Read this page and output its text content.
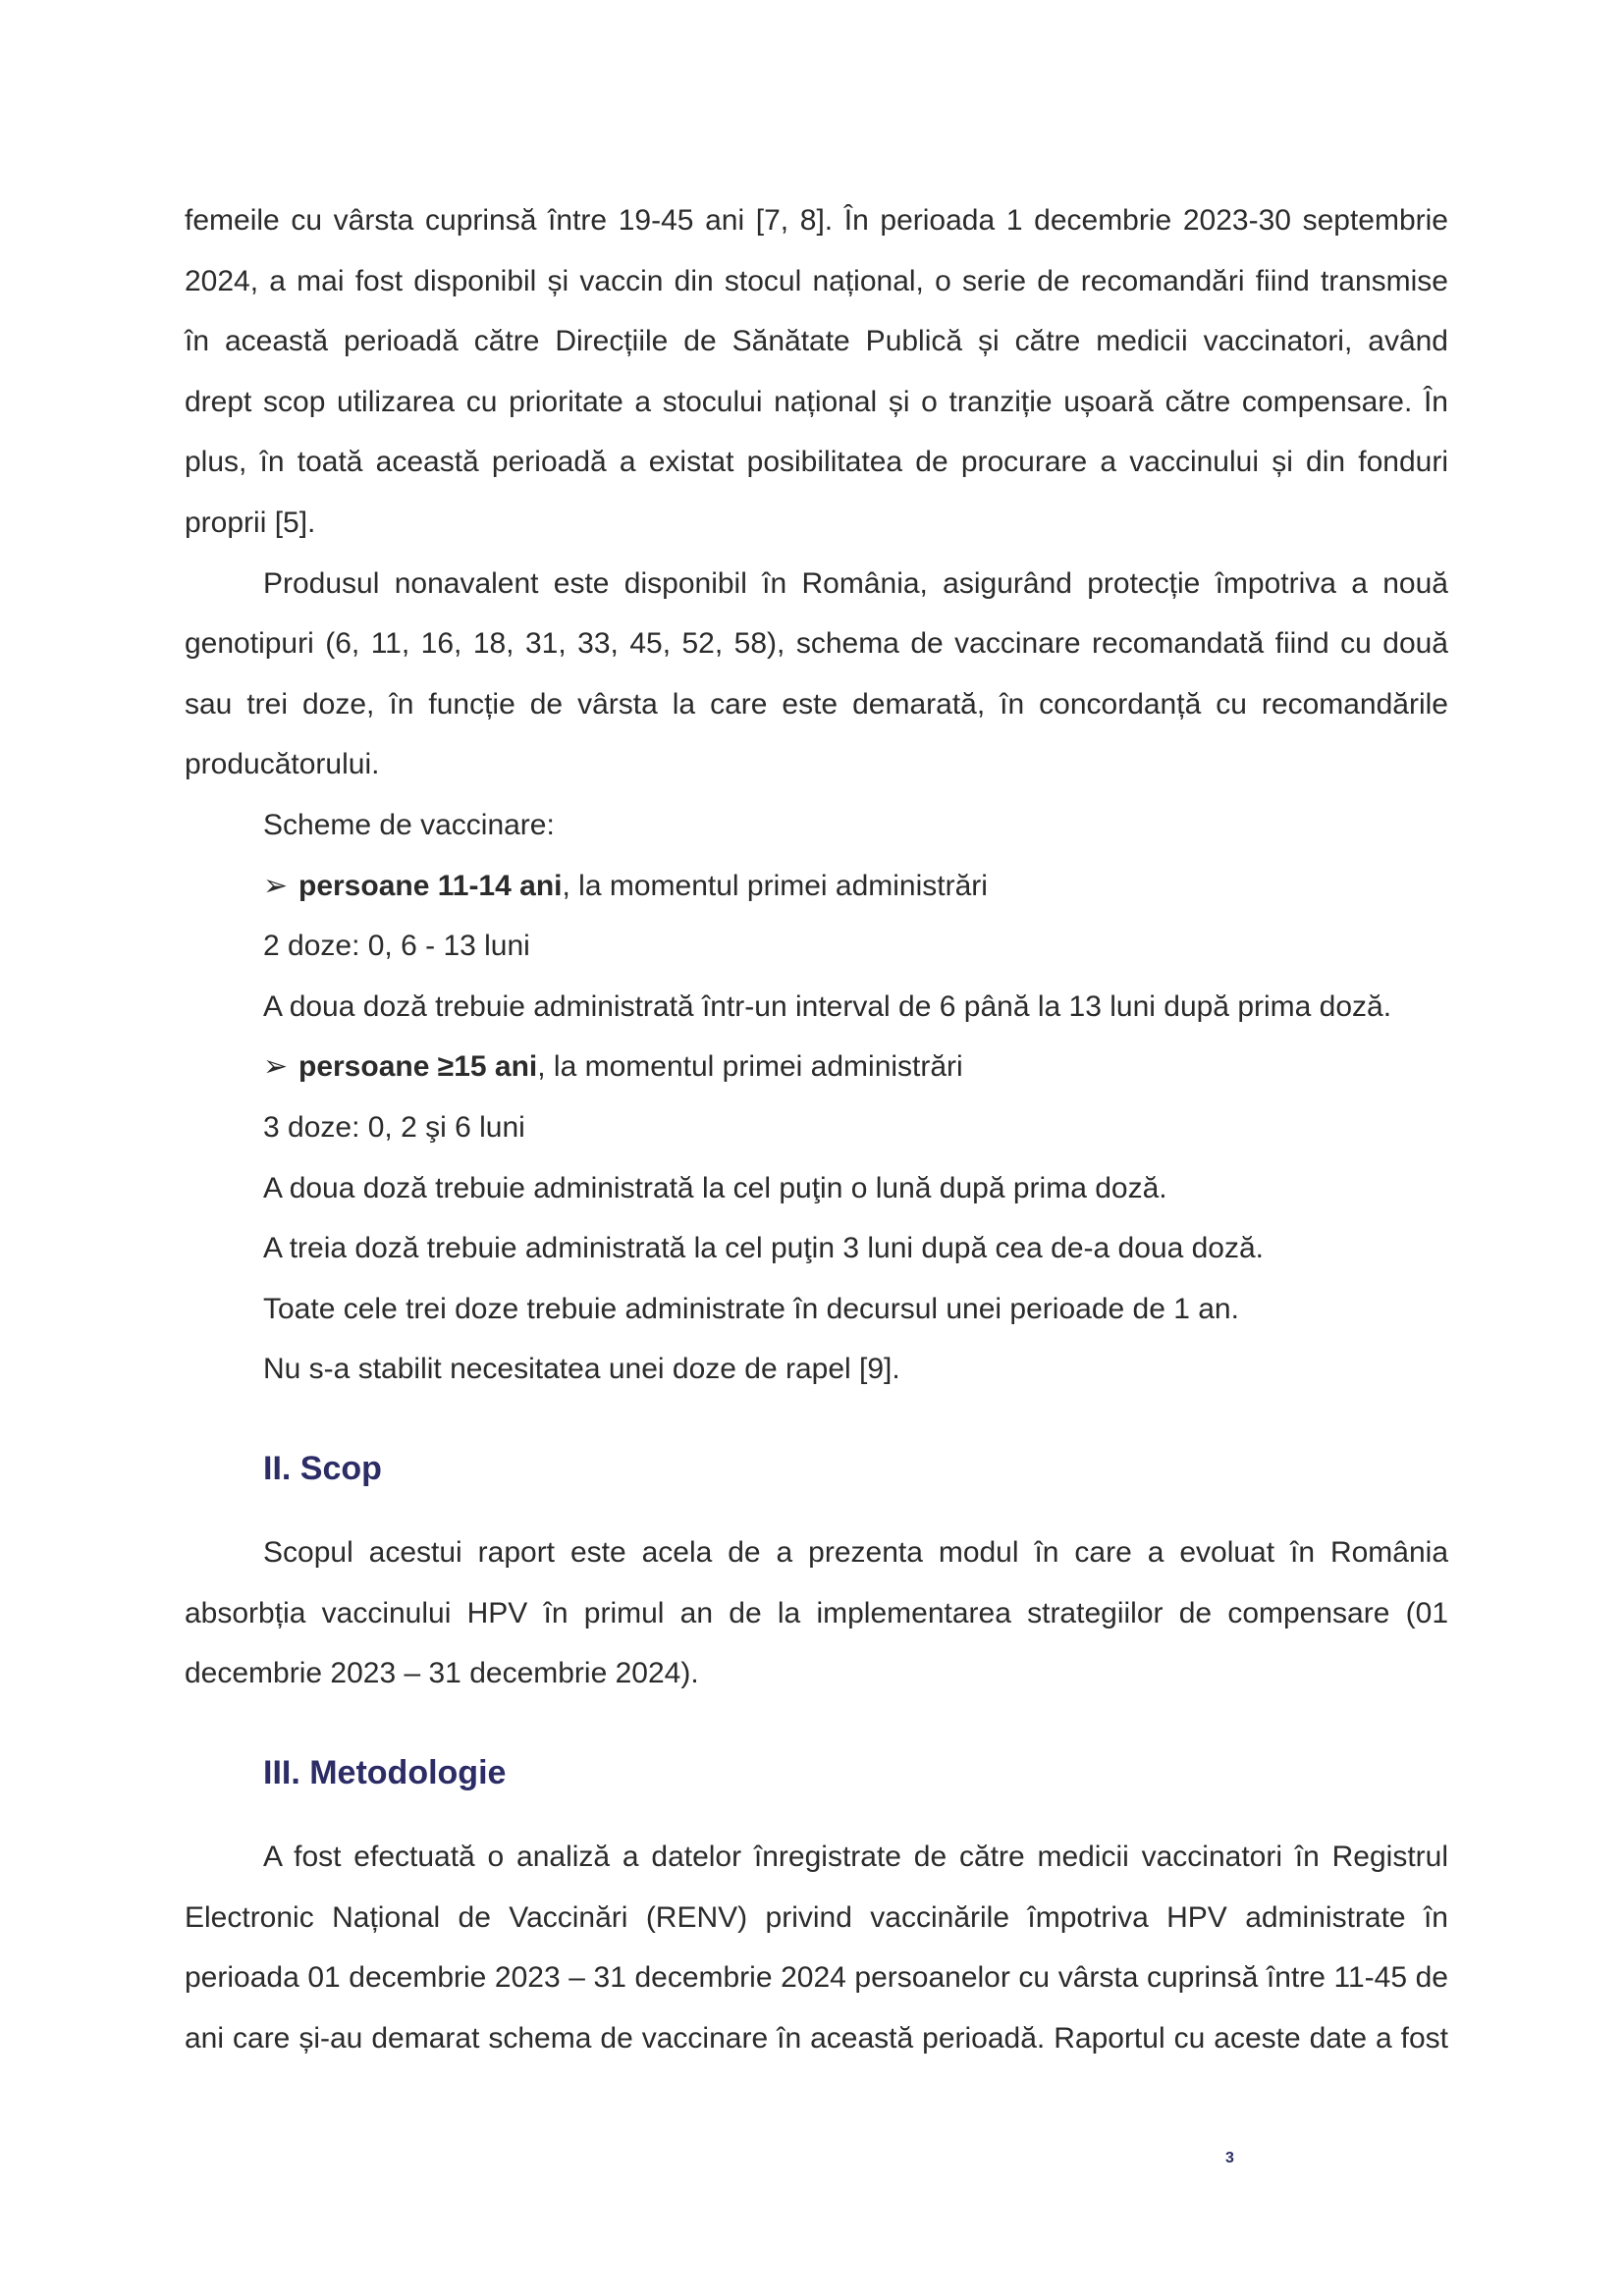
femeile cu vârsta cuprinsă între 19-45 ani [7, 8]. În perioada 1 decembrie 2023-30 septembrie

2024, a mai fost disponibil și vaccin din stocul național, o serie de recomandări fiind transmise

în această perioadă către Direcțiile de Sănătate Publică și către medicii vaccinatori, având

drept scop utilizarea cu prioritate a stocului național și o tranziție ușoară către compensare. În

plus, în toată această perioadă a existat posibilitatea de procurare a vaccinului și din fonduri

proprii [5].

Produsul nonavalent este disponibil în România, asigurând protecție împotriva a nouă

genotipuri (6, 11, 16, 18, 31, 33, 45, 52, 58), schema de vaccinare recomandată fiind cu două

sau trei doze, în funcție de vârsta la care este demarată, în concordanță cu recomandările

producătorului.

Scheme de vaccinare:

➢ persoane 11-14 ani, la momentul primei administrări

2 doze: 0, 6 - 13 luni

A doua doză trebuie administrată într-un interval de 6 până la 13 luni după prima doză.

➢ persoane ≥15 ani, la momentul primei administrări

3 doze: 0, 2 şi 6 luni

A doua doză trebuie administrată la cel puţin o lună după prima doză.

A treia doză trebuie administrată la cel puţin 3 luni după cea de-a doua doză.

Toate cele trei doze trebuie administrate în decursul unei perioade de 1 an.

Nu s-a stabilit necesitatea unei doze de rapel [9].

II. Scop

Scopul acestui raport este acela de a prezenta modul în care a evoluat în România

absorbția vaccinului HPV în primul an de la implementarea strategiilor de compensare (01

decembrie 2023 – 31 decembrie 2024).

III. Metodologie

A fost efectuată o analiză a datelor înregistrate de către medicii vaccinatori în Registrul

Electronic Național de Vaccinări (RENV) privind vaccinările împotriva HPV administrate în

perioada 01 decembrie 2023 – 31 decembrie 2024 persoanelor cu vârsta cuprinsă între 11-45 de

ani care și-au demarat schema de vaccinare în această perioadă. Raportul cu aceste date a fost

3
